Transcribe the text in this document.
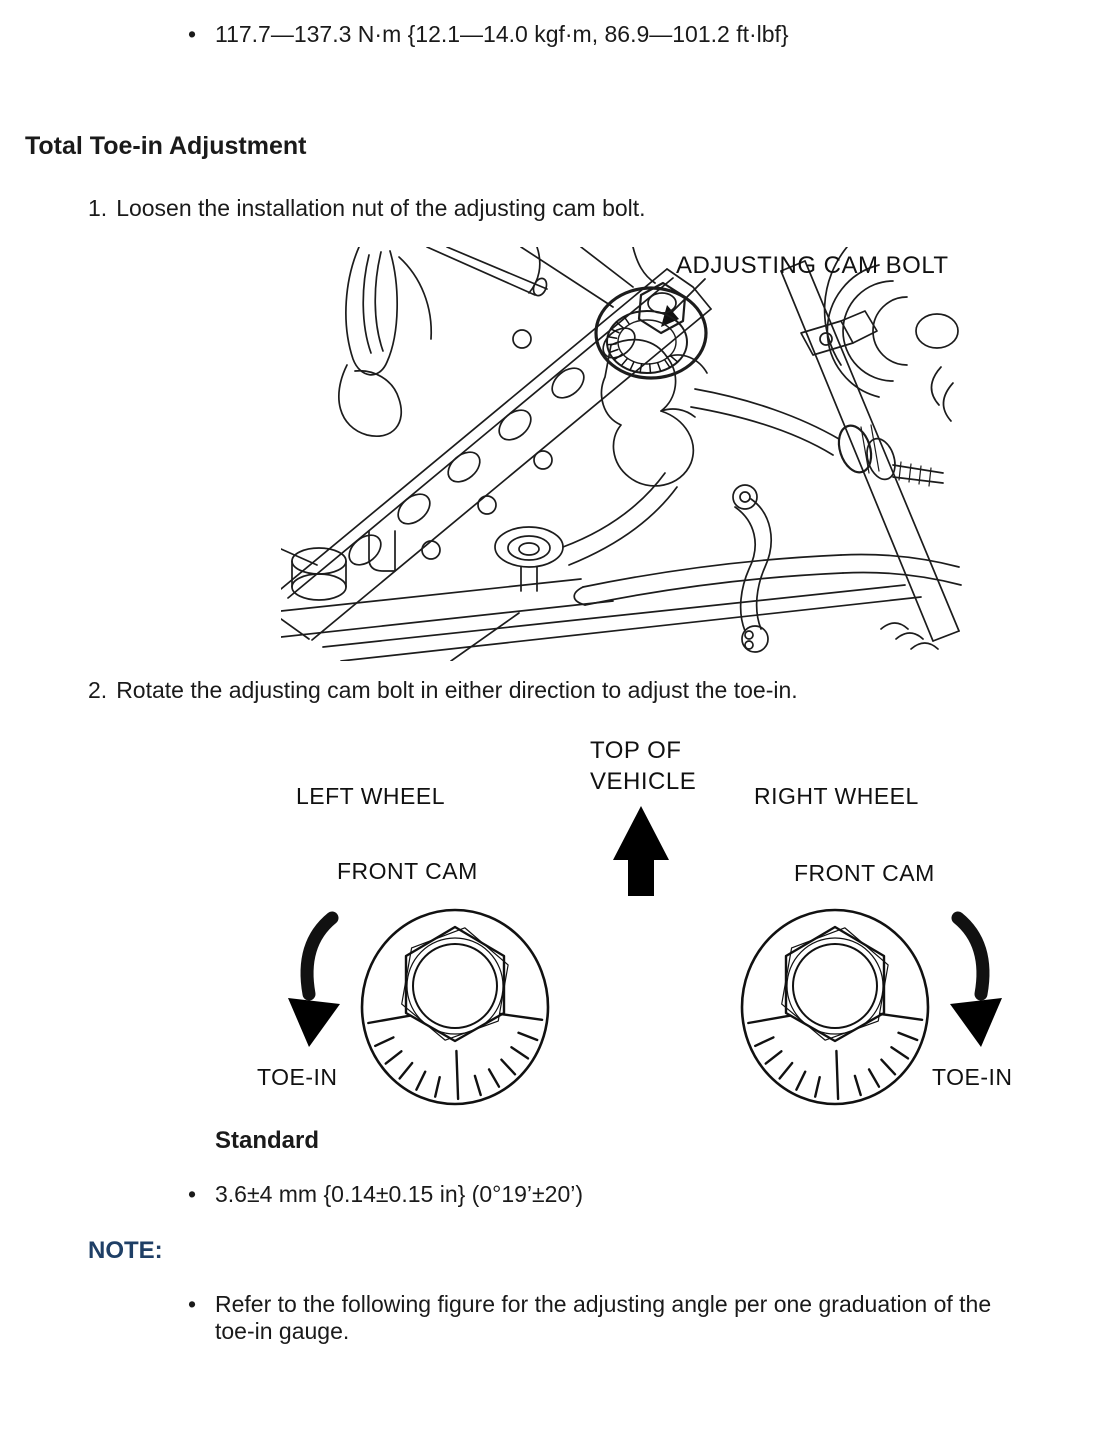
• 117.7—137.3 N·m {12.1—14.0 kgf·m, 86.9—101.2 ft·lbf}
Total Toe-in Adjustment
1. Loosen the installation nut of the adjusting cam bolt.
ADJUSTING CAM BOLT
2. Rotate the adjusting cam bolt in either direction to adjust the toe-in.
TOP OF
VEHICLE
LEFT WHEEL	RIGHT WHEEL
FRONT CAM	FRONT CAM
TOE-IN	TOE-IN
Standard
• 3.6±4 mm {0.14±0.15 in} (0°19’±20’)
NOTE:
• Refer to the following figure for the adjusting angle per one graduation of the
toe-in gauge.
